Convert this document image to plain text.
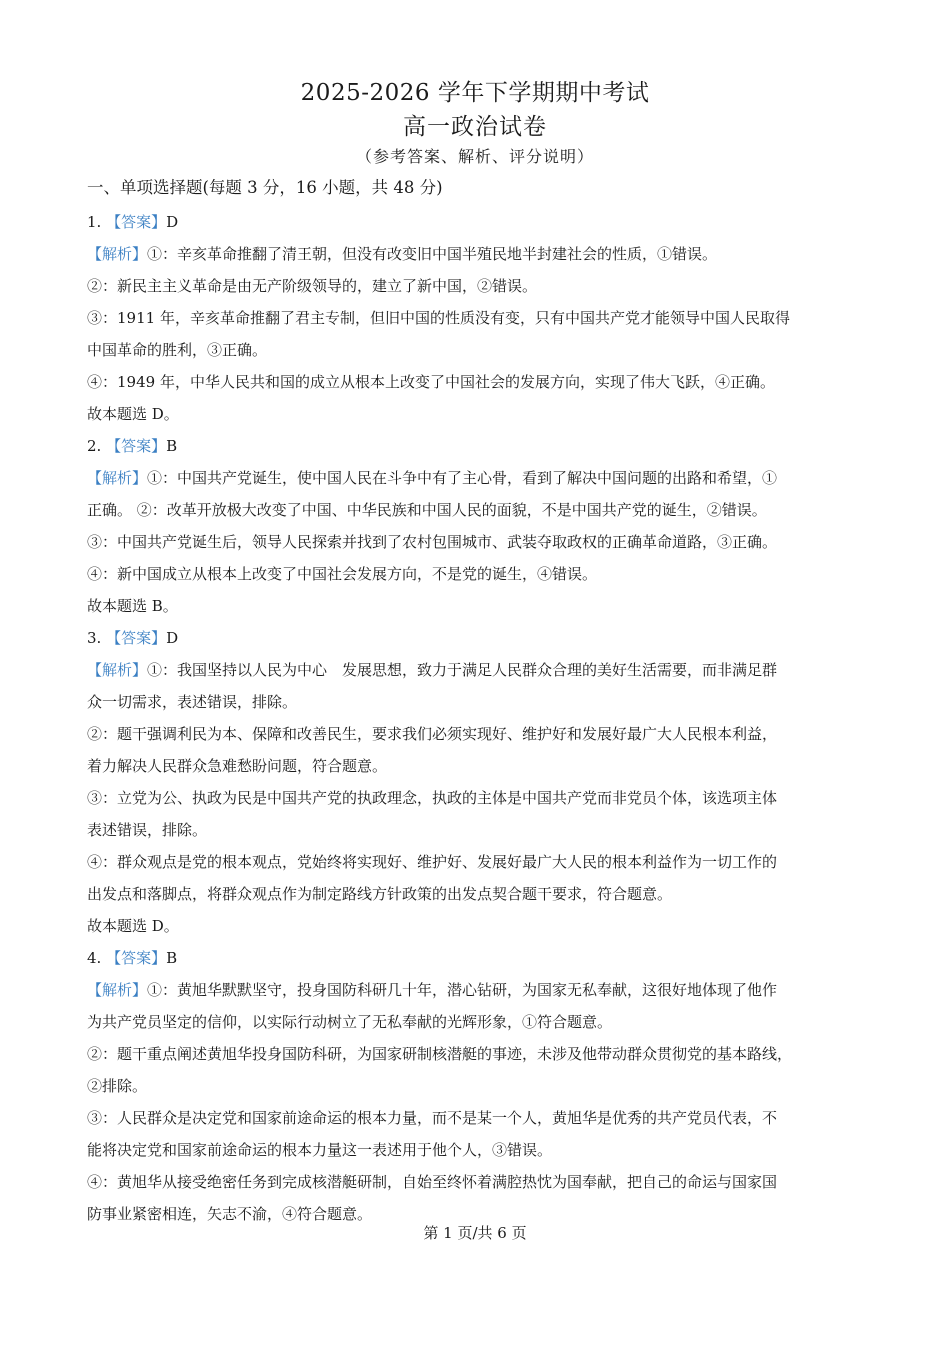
2025-2026 学年下学期期中考试
高一政治试卷
（参考答案、解析、评分说明）
一、单项选择题(每题 3 分，16 小题，共 48 分)
1. 【答案】D
【解析】①：辛亥革命推翻了清王朝，但没有改变旧中国半殖民地半封建社会的性质，①错误。
②：新民主主义革命是由无产阶级领导的，建立了新中国，②错误。
③：1911 年，辛亥革命推翻了君主专制，但旧中国的性质没有变，只有中国共产党才能领导中国人民取得
中国革命的胜利，③正确。
④：1949 年，中华人民共和国的成立从根本上改变了中国社会的发展方向，实现了伟大飞跃，④正确。
故本题选 D。
2. 【答案】B
【解析】①：中国共产党诞生，使中国人民在斗争中有了主心骨，看到了解决中国问题的出路和希望，①
正确。 ②：改革开放极大改变了中国、中华民族和中国人民的面貌，不是中国共产党的诞生，②错误。
③：中国共产党诞生后，领导人民探索并找到了农村包围城市、武装夺取政权的正确革命道路，③正确。
④：新中国成立从根本上改变了中国社会发展方向，不是党的诞生，④错误。
故本题选 B。
3. 【答案】D
【解析】①：我国坚持以人民为中心　发展思想，致力于满足人民群众合理的美好生活需要，而非满足群
众一切需求，表述错误，排除。
②：题干强调利民为本、保障和改善民生，要求我们必须实现好、维护好和发展好最广大人民根本利益，
着力解决人民群众急难愁盼问题，符合题意。
③：立党为公、执政为民是中国共产党的执政理念，执政的主体是中国共产党而非党员个体，该选项主体
表述错误，排除。
④：群众观点是党的根本观点，党始终将实现好、维护好、发展好最广大人民的根本利益作为一切工作的
出发点和落脚点，将群众观点作为制定路线方针政策的出发点契合题干要求，符合题意。
故本题选 D。
4. 【答案】B
【解析】①：黄旭华默默坚守，投身国防科研几十年，潜心钻研，为国家无私奉献，这很好地体现了他作
为共产党员坚定的信仰，以实际行动树立了无私奉献的光辉形象，①符合题意。
②：题干重点阐述黄旭华投身国防科研，为国家研制核潜艇的事迹，未涉及他带动群众贯彻党的基本路线，
②排除。
③：人民群众是决定党和国家前途命运的根本力量，而不是某一个人，黄旭华是优秀的共产党员代表，不
能将决定党和国家前途命运的根本力量这一表述用于他个人，③错误。
④：黄旭华从接受绝密任务到完成核潜艇研制，自始至终怀着满腔热忱为国奉献，把自己的命运与国家国
防事业紧密相连，矢志不渝，④符合题意。
第 1 页/共 6 页
